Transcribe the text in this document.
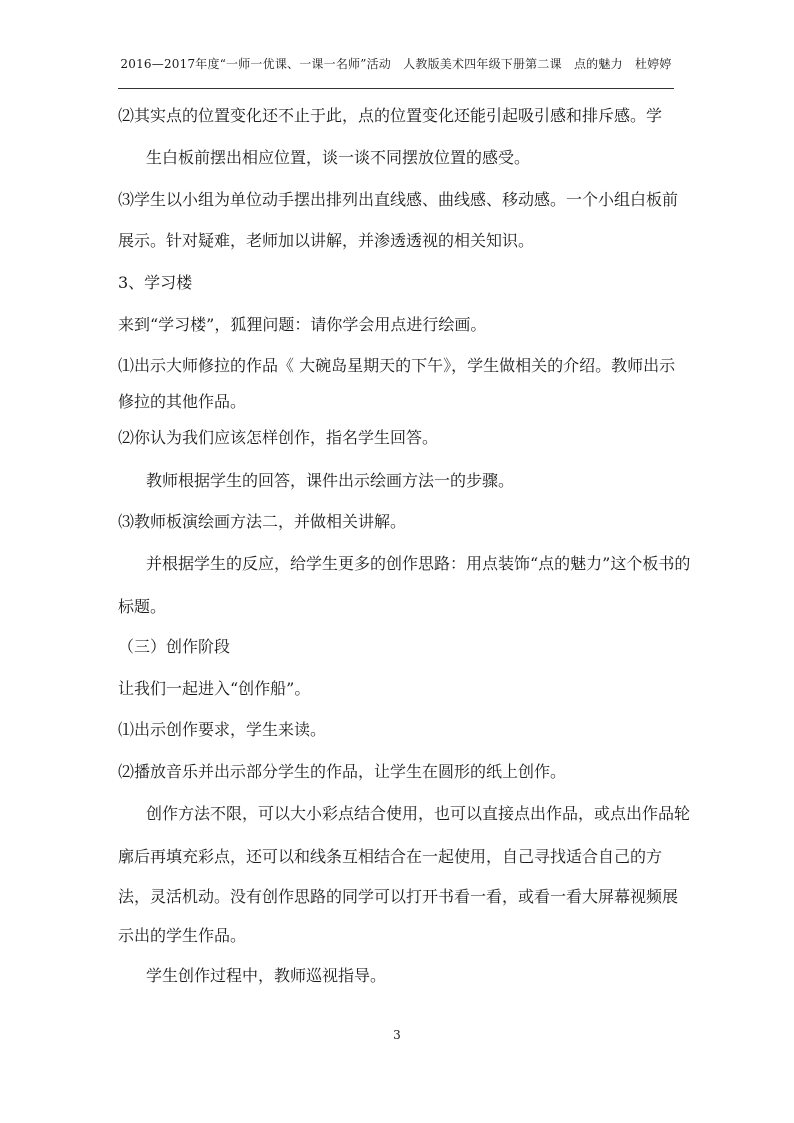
2016—2017年度“一师一优课、一课一名师”活动　人教版美术四年级下册第二课　点的魅力　杜婷婷
⑵其实点的位置变化还不止于此，点的位置变化还能引起吸引感和排斥感。学
生白板前摆出相应位置，谈一谈不同摆放位置的感受。
⑶学生以小组为单位动手摆出排列出直线感、曲线感、移动感。一个小组白板前
展示。针对疑难，老师加以讲解，并渗透透视的相关知识。
3、学习楼
来到“学习楼”，狐狸问题：请你学会用点进行绘画。
⑴出示大师修拉的作品《 大碗岛星期天的下午》，学生做相关的介绍。教师出示
修拉的其他作品。
⑵你认为我们应该怎样创作，指名学生回答。
教师根据学生的回答，课件出示绘画方法一的步骤。
⑶教师板演绘画方法二，并做相关讲解。
并根据学生的反应，给学生更多的创作思路：用点装饰“点的魅力”这个板书的
标题。
（三）创作阶段
让我们一起进入“创作船”。
⑴出示创作要求，学生来读。
⑵播放音乐并出示部分学生的作品，让学生在圆形的纸上创作。
创作方法不限，可以大小彩点结合使用，也可以直接点出作品，或点出作品轮
廓后再填充彩点，还可以和线条互相结合在一起使用，自己寻找适合自己的方
法，灵活机动。没有创作思路的同学可以打开书看一看，或看一看大屏幕视频展
示出的学生作品。
学生创作过程中，教师巡视指导。
3
